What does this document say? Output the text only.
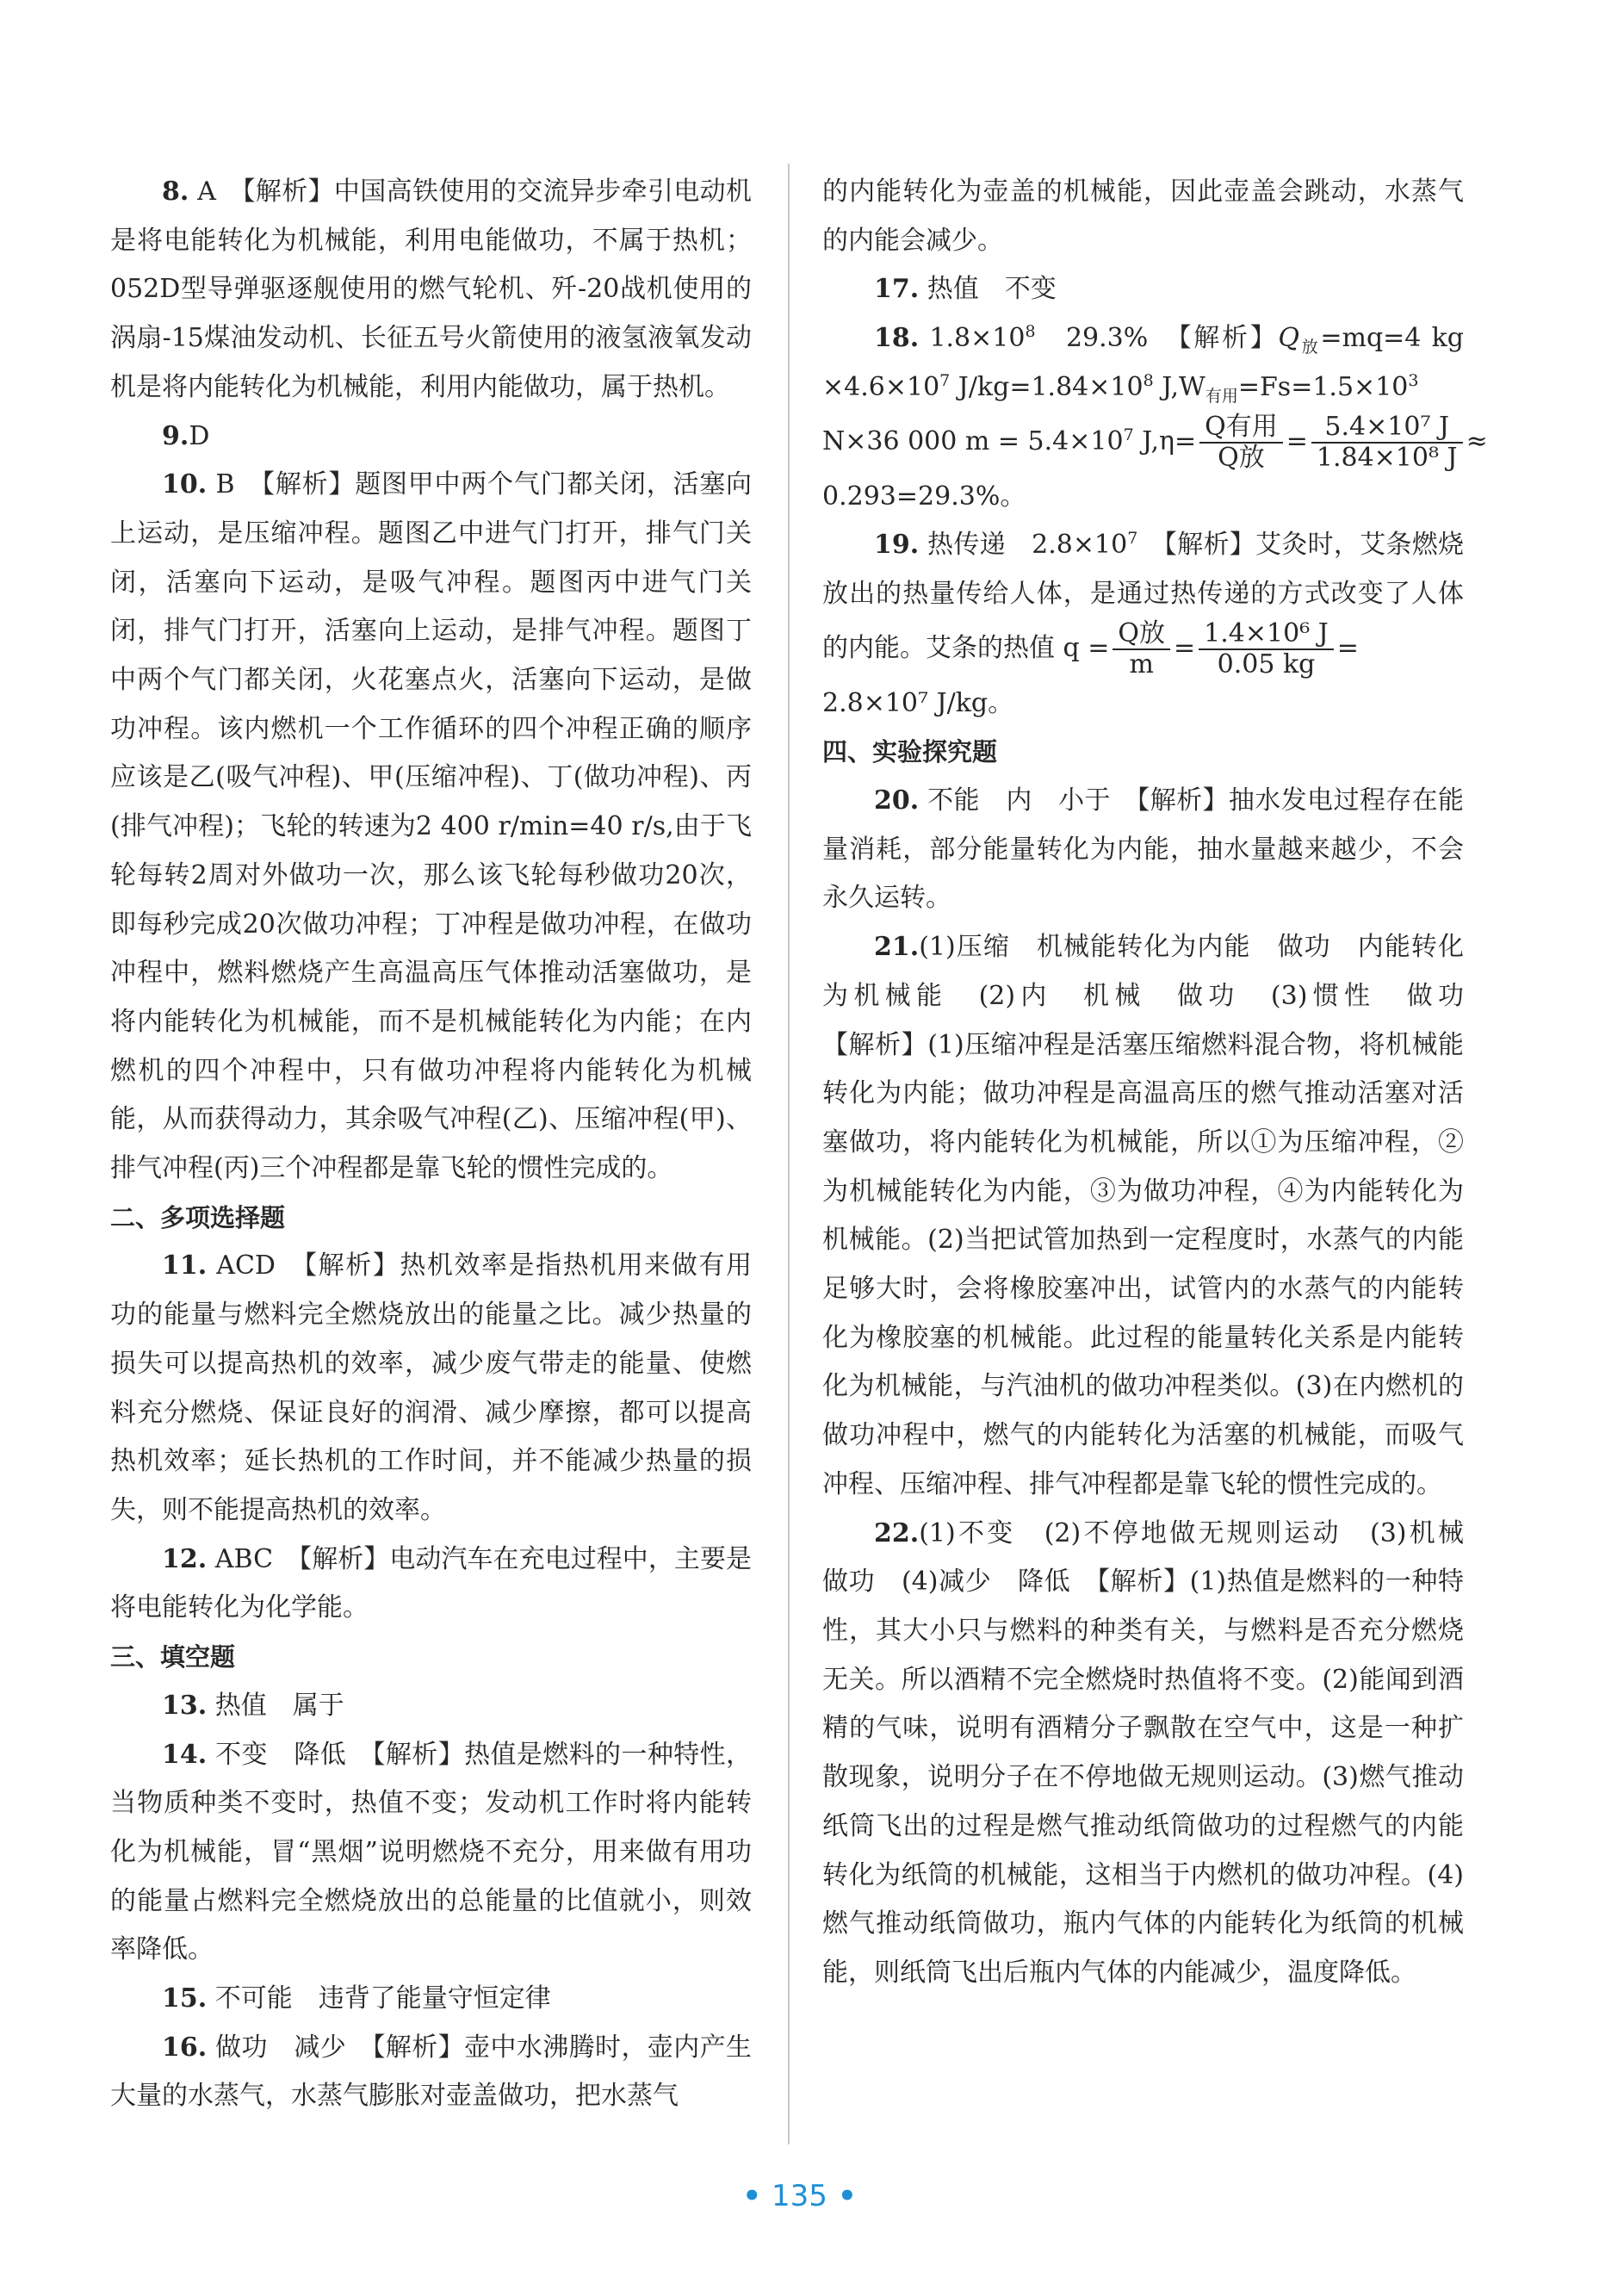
8. A　 【解析】中国高铁使用的交流异步牵引电动机是将电能转化为机械能，利用电能做功，不属于热机；052D型导弹驱逐舰使用的燃气轮机、歼-20战机使用的涡扇-15煤油发动机、长征五号火箭使用的液氢液氧发动机是将内能转化为机械能，利用内能做功，属于热机。

9.D

10. B　 【解析】题图甲中两个气门都关闭，活塞向上运动，是压缩冲程。题图乙中进气门打开，排气门关闭，活塞向下运动，是吸气冲程。题图丙中进气门关闭，排气门打开，活塞向上运动，是排气冲程。题图丁中两个气门都关闭，火花塞点火，活塞向下运动，是做功冲程。该内燃机一个工作循环的四个冲程正确的顺序应该是乙(吸气冲程)、甲(压缩冲程)、丁(做功冲程)、丙(排气冲程)；飞轮的转速为2 400 r/min=40 r/s,由于飞轮每转2周对外做功一次，那么该飞轮每秒做功20次，即每秒完成20次做功冲程；丁冲程是做功冲程，在做功冲程中，燃料燃烧产生高温高压气体推动活塞做功，是将内能转化为机械能，而不是机械能转化为内能；在内燃机的四个冲程中，只有做功冲程将内能转化为机械能，从而获得动力，其余吸气冲程(乙)、压缩冲程(甲)、排气冲程(丙)三个冲程都是靠飞轮的惯性完成的。

二、多项选择题

11. ACD　 【解析】热机效率是指热机用来做有用功的能量与燃料完全燃烧放出的能量之比。减少热量的损失可以提高热机的效率，减少废气带走的能量、使燃料充分燃烧、保证良好的润滑、减少摩擦，都可以提高热机效率；延长热机的工作时间，并不能减少热量的损失，则不能提高热机的效率。

12. ABC　 【解析】电动汽车在充电过程中，主要是将电能转化为化学能。

三、填空题

13. 热值　属于

14. 不变　降低　 【解析】热值是燃料的一种特性，当物质种类不变时，热值不变；发动机工作时将内能转化为机械能，冒“黑烟”说明燃烧不充分，用来做有用功的能量占燃料完全燃烧放出的总能量的比值就小，则效率降低。

15. 不可能　违背了能量守恒定律

16. 做功　减少　 【解析】壶中水沸腾时，壶内产生大量的水蒸气，水蒸气膨胀对壶盖做功，把水蒸气

的内能转化为壶盖的机械能，因此壶盖会跳动，水蒸气的内能会减少。

17. 热值　不变

18. $1.8\times 10^8$　 29.3%　 【解析】$Q_放=mq=4$ kg $\times 4.6\times 10^7$ $J/kg=1.84\times 10^8$ $J,W_{有用}=Fs=1.5\times 10^3$

N×36 000 $m = 5.4\times 10^7$ $J,\eta= \frac{\text{Q有用}}{\text{Q放}} = \frac{\text{5.4×10⁷ J}}{\text{1.84×10⁸ J}}$ ≈

0.293=29.3%。

19. 热传递　$2.8\times 10^7$　 【解析】艾灸时，艾条燃烧放出的热量传给人体，是通过热传递的方式改变了人体的内能。艾条的热值 $q = \frac{\text{Q放}}{m} = \frac{\text{1.4×10⁶ J}}{0.05 kg}$ =

2.8×10⁷ J/kg。

四、实验探究题

20. 不能　内　小于　 【解析】抽水发电过程存在能量消耗，部分能量转化为内能，抽水量越来越少，不会永久运转。

21.(1)压缩　机械能转化为内能　做功　内能转化为机械能　(2)内　机械　做功　(3)惯性　做功　【解析】(1)压缩冲程是活塞压缩燃料混合物，将机械能转化为内能；做功冲程是高温高压的燃气推动活塞对活塞做功，将内能转化为机械能，所以①为压缩冲程，②为机械能转化为内能，③为做功冲程，④为内能转化为机械能。(2)当把试管加热到一定程度时，水蒸气的内能足够大时，会将橡胶塞冲出，试管内的水蒸气的内能转化为橡胶塞的机械能。此过程的能量转化关系是内能转化为机械能，与汽油机的做功冲程类似。(3)在内燃机的做功冲程中，燃气的内能转化为活塞的机械能，而吸气冲程、压缩冲程、排气冲程都是靠飞轮的惯性完成的。

22.(1)不变　(2)不停地做无规则运动　(3)机械　做功　(4)减少　降低　 【解析】(1)热值是燃料的一种特性，其大小只与燃料的种类有关，与燃料是否充分燃烧无关。所以酒精不完全燃烧时热值将不变。(2)能闻到酒精的气味，说明有酒精分子飘散在空气中，这是一种扩散现象，说明分子在不停地做无规则运动。(3)燃气推动纸筒飞出的过程是燃气推动纸筒做功的过程燃气的内能转化为纸筒的机械能，这相当于内燃机的做功冲程。(4)燃气推动纸筒做功，瓶内气体的内能转化为纸筒的机械能，则纸筒飞出后瓶内气体的内能减少，温度降低。

• 135 •
